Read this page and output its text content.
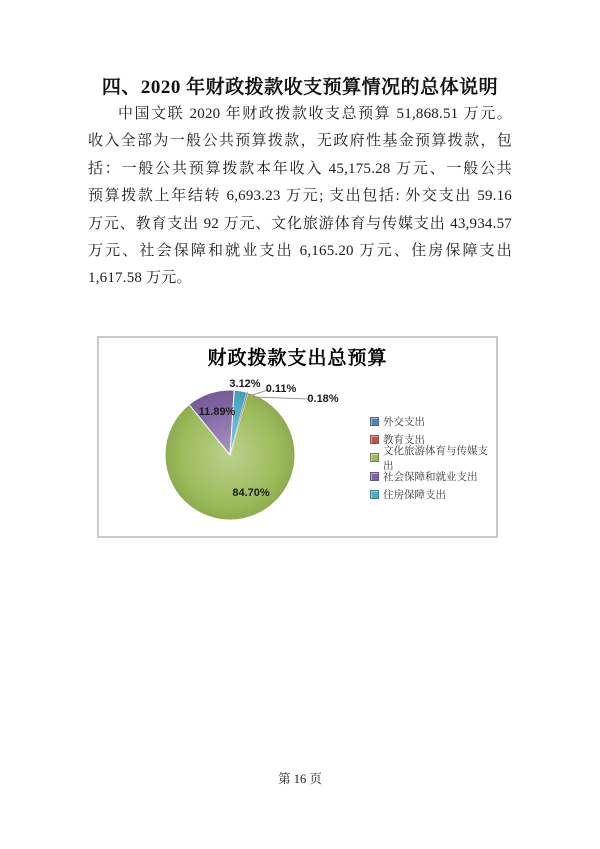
四、2020 年财政拨款收支预算情况的总体说明
中国文联 2020 年财政拨款收支总预算 51,868.51 万元。
收入全部为一般公共预算拨款，无政府性基金预算拨款，包
括：一般公共预算拨款本年收入 45,175.28 万元、一般公共
预算拨款上年结转 6,693.23 万元; 支出包括: 外交支出 59.16
万元、教育支出 92 万元、文化旅游体育与传媒支出 43,934.57
万元、社会保障和就业支出 6,165.20 万元、住房保障支出
1,617.58 万元。
财政拨款支出总预算
0.11%
0.18%
84.70%
11.89%
3.12%
外交支出
教育支出
文化旅游体育与传媒支出
社会保障和就业支出
住房保障支出
第 16 页
